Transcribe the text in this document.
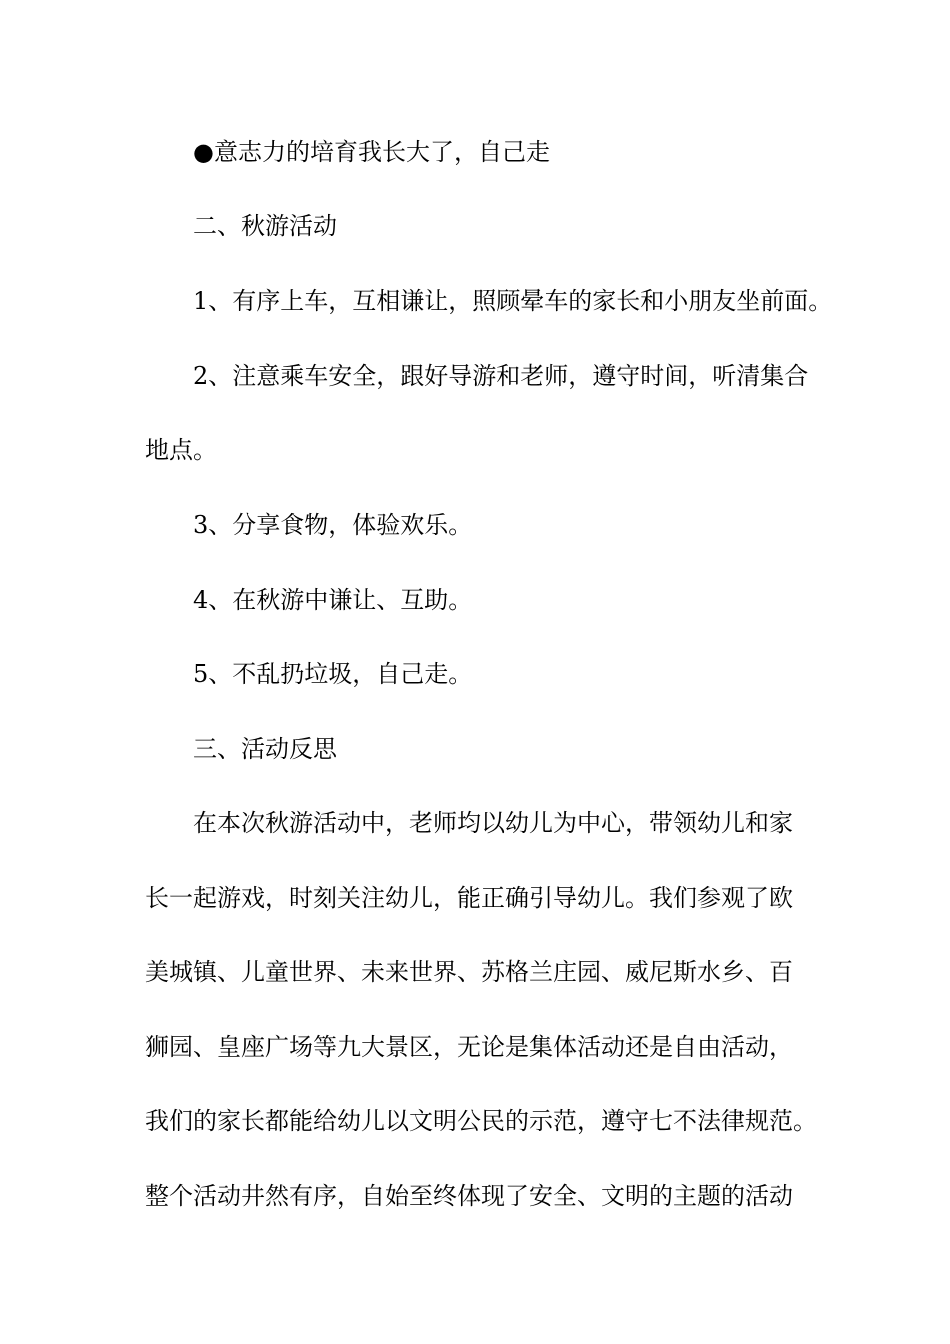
●意志力的培育我长大了，自己走
二、秋游活动
1、有序上车，互相谦让，照顾晕车的家长和小朋友坐前面。
2、注意乘车安全，跟好导游和老师，遵守时间，听清集合
地点。
3、分享食物，体验欢乐。
4、在秋游中谦让、互助。
5、不乱扔垃圾，自己走。
三、活动反思
在本次秋游活动中，老师均以幼儿为中心，带领幼儿和家
长一起游戏，时刻关注幼儿，能正确引导幼儿。我们参观了欧
美城镇、儿童世界、未来世界、苏格兰庄园、威尼斯水乡、百
狮园、皇座广场等九大景区，无论是集体活动还是自由活动，
我们的家长都能给幼儿以文明公民的示范，遵守七不法律规范。
整个活动井然有序，自始至终体现了安全、文明的主题的活动
